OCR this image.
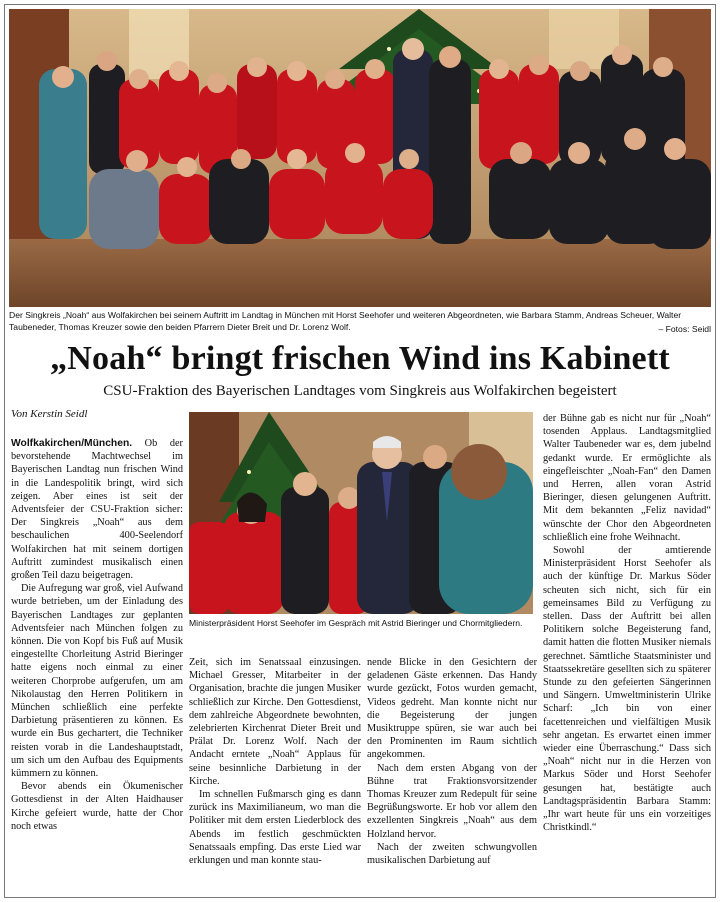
Der Singkreis „Noah“ aus Wolfakirchen bei seinem Auftritt im Landtag in München mit Horst Seehofer und weiteren Abgeordneten, wie Barbara Stamm, Andreas Scheuer, Walter Taubeneder, Thomas Kreuzer sowie den beiden Pfarrern Dieter Breit und Dr. Lorenz Wolf.	– Fotos: Seidl
„Noah“ bringt frischen Wind ins Kabinett
CSU-Fraktion des Bayerischen Landtages vom Singkreis aus Wolfakirchen begeistert
Von Kerstin Seidl
Ministerpräsident Horst Seehofer im Gespräch mit Astrid Bieringer und Chormitgliedern.

Wolfkakirchen/München. Ob der bevorstehende Machtwechsel im Bayerischen Landtag nun frischen Wind in die Landespolitik bringt, wird sich zeigen. Aber eines ist seit der Adventsfeier der CSU-Fraktion sicher: Der Singkreis „Noah“ aus dem beschaulichen 400-Seelendorf Wolfakirchen hat mit seinem dortigen Auftritt zumindest musikalisch einen großen Teil dazu beigetragen.

Die Aufregung war groß, viel Aufwand wurde betrieben, um der Einladung des Bayerischen Landtages zur geplanten Adventsfeier nach München folgen zu können. Die von Kopf bis Fuß auf Musik eingestellte Chorleitung Astrid Bieringer hatte eigens noch einmal zu einer weiteren Chorprobe aufgerufen, um am Nikolaustag den Herren Politikern in München schließlich eine perfekte Darbietung präsentieren zu können. Es wurde ein Bus gechartert, die Techniker reisten vorab in die Landeshauptstadt, um sich um den Aufbau des Equipments kümmern zu können.

Bevor abends ein Ökumenischer Gottesdienst in der Alten Haidhauser Kirche gefeiert wurde, hatte der Chor noch etwas

Zeit, sich im Senatssaal einzusingen. Michael Gresser, Mitarbeiter in der Organisation, brachte die jungen Musiker schließlich zur Kirche. Den Gottesdienst, dem zahlreiche Abgeordnete bewohnten, zelebrierten Kirchenrat Dieter Breit und Prälat Dr. Lorenz Wolf. Nach der Andacht erntete „Noah“ Applaus für seine besinnliche Darbietung in der Kirche.

Im schnellen Fußmarsch ging es dann zurück ins Maximilianeum, wo man die Politiker mit dem ersten Liederblock des Abends im festlich geschmückten Senatssaals empfing. Das erste Lied war erklungen und man konnte stau-

nende Blicke in den Gesichtern der geladenen Gäste erkennen. Das Handy wurde gezückt, Fotos wurden gemacht, Videos gedreht. Man konnte nicht nur die Begeisterung der jungen Musiktruppe spüren, sie war auch bei den Prominenten im Raum sichtlich angekommen.

Nach dem ersten Abgang von der Bühne trat Fraktionsvorsitzender Thomas Kreuzer zum Redepult für seine Begrüßungsworte. Er hob vor allem den exzellenten Singkreis „Noah“ aus dem Holzland hervor.

Nach der zweiten schwungvollen musikalischen Darbietung auf

der Bühne gab es nicht nur für „Noah“ tosenden Applaus. Landtagsmitglied Walter Taubeneder war es, dem jubelnd gedankt wurde. Er ermöglichte als eingefleischter „Noah-Fan“ den Damen und Herren, allen voran Astrid Bieringer, diesen gelungenen Auftritt. Mit dem bekannten „Feliz navidad“ wünschte der Chor den Abgeordneten schließlich eine frohe Weihnacht.

Sowohl der amtierende Ministerpräsident Horst Seehofer als auch der künftige Dr. Markus Söder scheuten sich nicht, sich für ein gemeinsames Bild zu Verfügung zu stellen. Dass der Auftritt bei allen Politikern solche Begeisterung fand, damit hatten die flotten Musiker niemals gerechnet. Sämtliche Staatsminister und Staatssekretäre gesellten sich zu späterer Stunde zu den gefeierten Sängerinnen und Sängern. Umweltministerin Ulrike Scharf: „Ich bin von einer facettenreichen und vielfältigen Musik sehr angetan. Es erwartet einen immer wieder eine Überraschung.“ Dass sich „Noah“ nicht nur in die Herzen von Markus Söder und Horst Seehofer gesungen hat, bestätigte auch Landtagspräsidentin Barbara Stamm: „Ihr wart heute für uns ein vorzeitiges Christkindl.“
